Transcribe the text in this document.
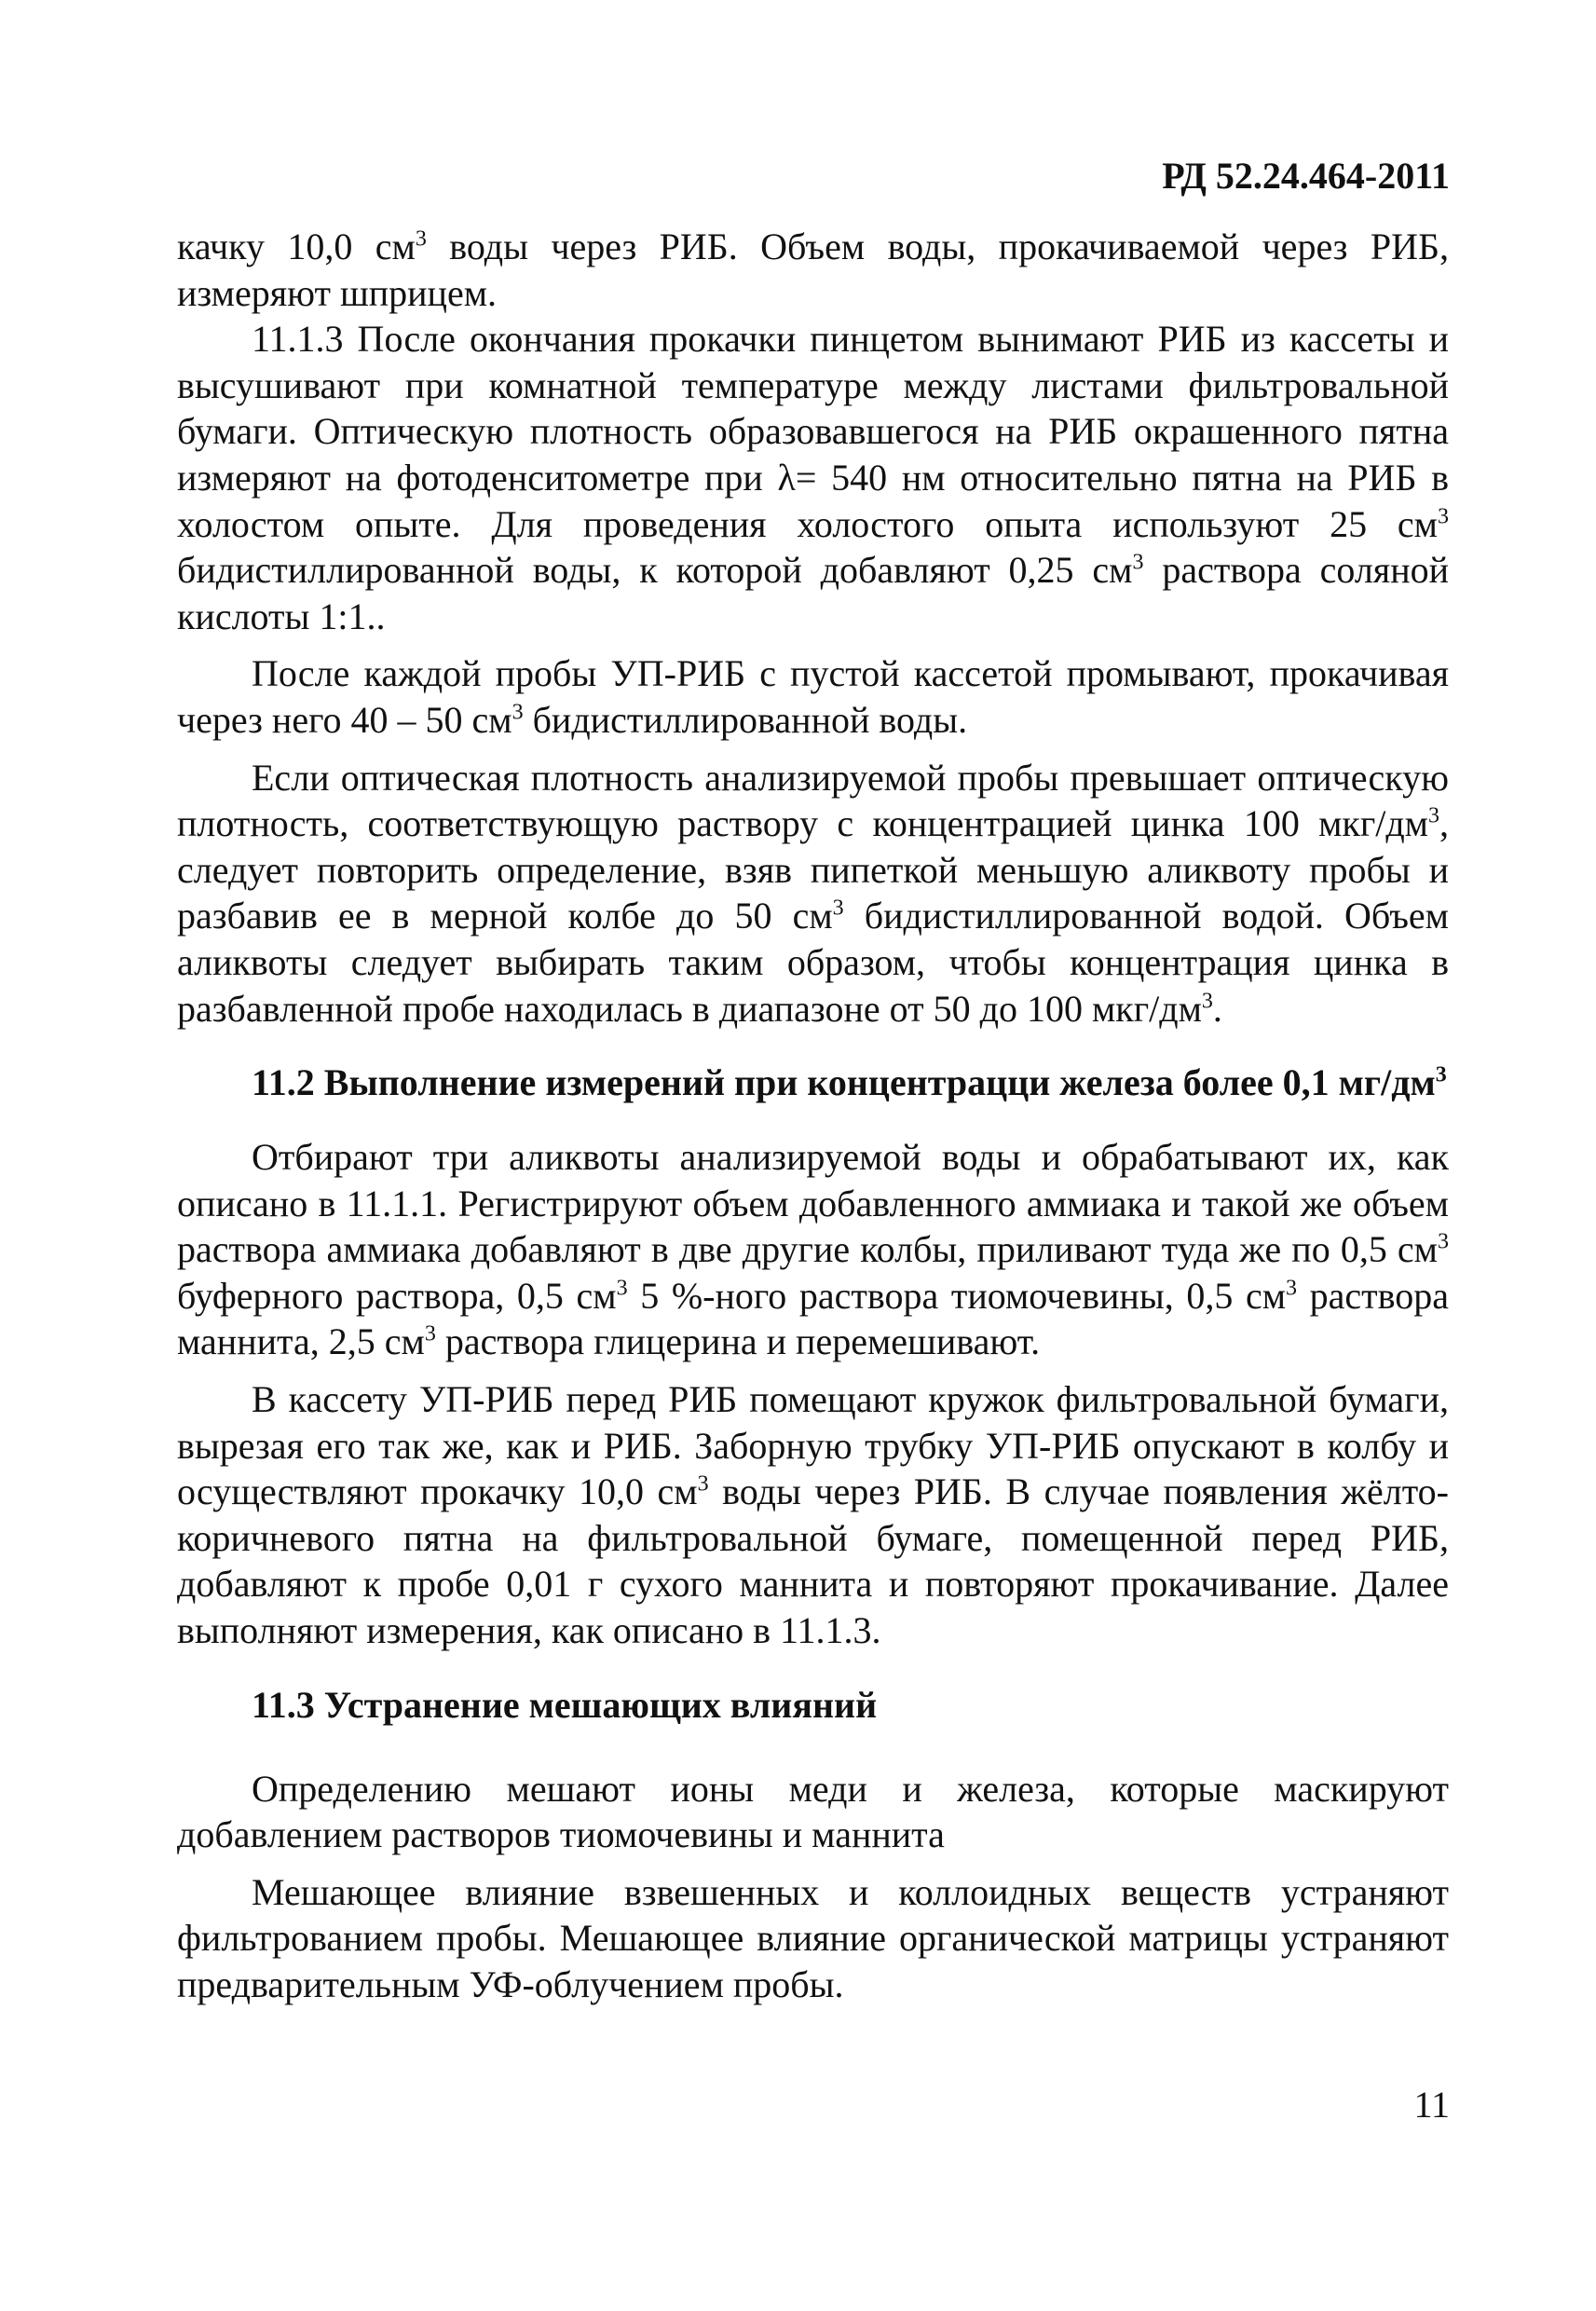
РД 52.24.464-2011

качку 10,0 $см^3$ воды через РИБ. Объем воды, прокачиваемой через РИБ, измеряют шприцем.

11.1.3 После окончания прокачки пинцетом вынимают РИБ из кассеты и высушивают при комнатной температуре между листами фильтровальной бумаги. Оптическую плотность образовавшегося на РИБ окрашенного пятна измеряют на фотоденситометре при λ= 540 нм относительно пятна на РИБ в холостом опыте. Для проведения холостого опыта используют 25 $см^3$ бидистиллированной воды, к которой добавляют 0,25 $см^3$ раствора соляной кислоты 1:1..

После каждой пробы УП-РИБ с пустой кассетой промывают, прокачивая через него 40 – 50 $см^3$ бидистиллированной воды.

Если оптическая плотность анализируемой пробы превышает оптическую плотность, соответствующую раствору с концентрацией цинка 100 мкг/$дм^3$, следует повторить определение, взяв пипеткой меньшую аликвоту пробы и разбавив ее в мерной колбе до 50 $см^3$ бидистиллированной водой. Объем аликвоты следует выбирать таким образом, чтобы концентрация цинка в разбавленной пробе находилась в диапазоне от 50 до 100 мкг/$дм^3$.

11.2 Выполнение измерений при концентрацци железа более 0,1 $мг/дм^3$

Отбирают три аликвоты анализируемой воды и обрабатывают их, как описано в 11.1.1. Регистрируют объем добавленного аммиака и такой же объем раствора аммиака добавляют в две другие колбы, приливают туда же по 0,5 $см^3$ буферного раствора, 0,5 $см^3$ 5 %-ного раствора тиомочевины, 0,5 $см^3$ раствора маннита, 2,5 $см^3$ раствора глицерина и перемешивают.

В кассету УП-РИБ перед РИБ помещают кружок фильтровальной бумаги, вырезая его так же, как и РИБ. Заборную трубку УП-РИБ опускают в колбу и осуществляют прокачку 10,0 $см^3$ воды через РИБ. В случае появления жёлто-коричневого пятна на фильтровальной бумаге, помещенной перед РИБ, добавляют к пробе 0,01 г сухого маннита и повторяют прокачивание. Далее выполняют измерения, как описано в 11.1.3.

11.3 Устранение мешающих влияний

Определению мешают ионы меди и железа, которые маскируют добавлением растворов тиомочевины и маннита

Мешающее влияние взвешенных и коллоидных веществ устраняют фильтрованием пробы. Мешающее влияние органической матрицы устраняют предварительным УФ-облучением пробы.

11
